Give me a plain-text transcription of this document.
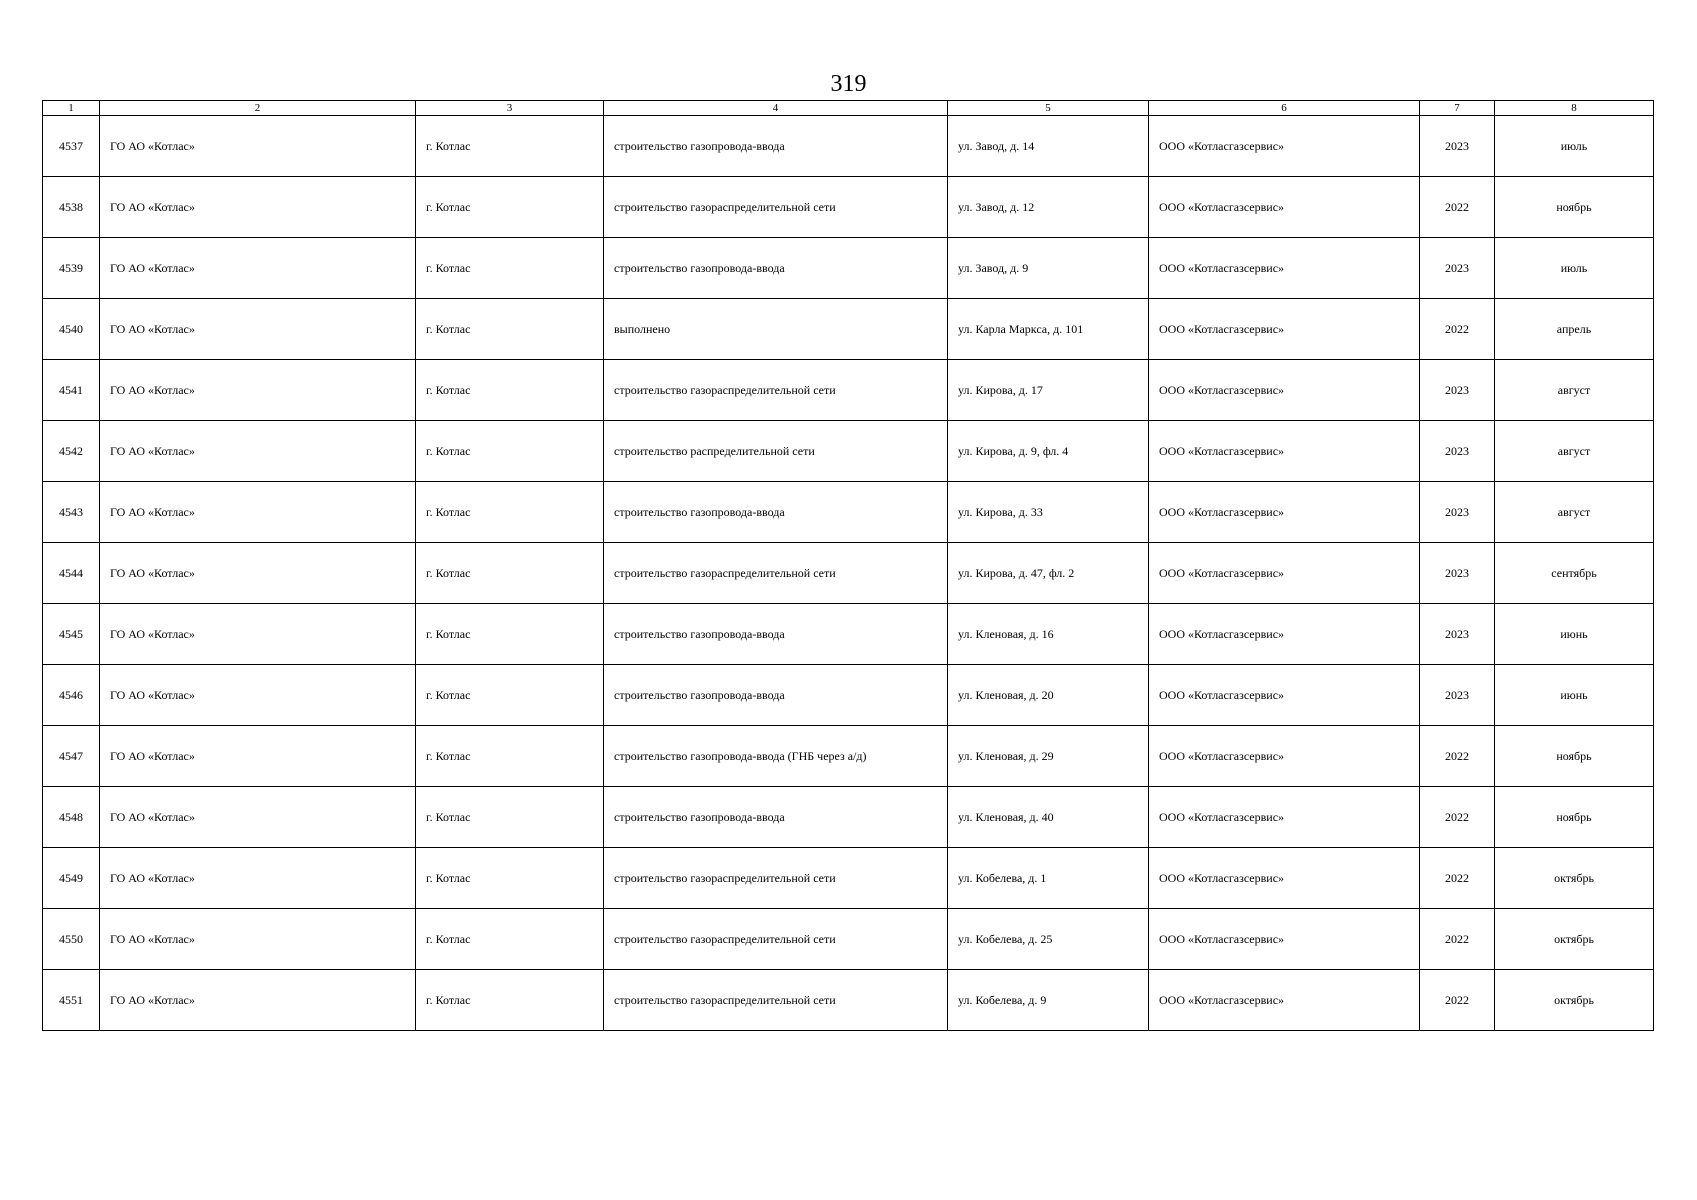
319
1	2	3	4	5	6	7	8
4537	ГО АО «Котлас»	г. Котлас	строительство газопровода-ввода	ул. Завод, д. 14	ООО «Котласгазсервис»	2023	июль
4538	ГО АО «Котлас»	г. Котлас	строительство газораспределительной сети	ул. Завод, д. 12	ООО «Котласгазсервис»	2022	ноябрь
4539	ГО АО «Котлас»	г. Котлас	строительство газопровода-ввода	ул. Завод, д. 9	ООО «Котласгазсервис»	2023	июль
4540	ГО АО «Котлас»	г. Котлас	выполнено	ул. Карла Маркса, д. 101	ООО «Котласгазсервис»	2022	апрель
4541	ГО АО «Котлас»	г. Котлас	строительство газораспределительной сети	ул. Кирова, д. 17	ООО «Котласгазсервис»	2023	август
4542	ГО АО «Котлас»	г. Котлас	строительство распределительной сети	ул. Кирова, д. 9, фл. 4	ООО «Котласгазсервис»	2023	август
4543	ГО АО «Котлас»	г. Котлас	строительство газопровода-ввода	ул. Кирова, д. 33	ООО «Котласгазсервис»	2023	август
4544	ГО АО «Котлас»	г. Котлас	строительство газораспределительной сети	ул. Кирова, д. 47, фл. 2	ООО «Котласгазсервис»	2023	сентябрь
4545	ГО АО «Котлас»	г. Котлас	строительство газопровода-ввода	ул. Кленовая, д. 16	ООО «Котласгазсервис»	2023	июнь
4546	ГО АО «Котлас»	г. Котлас	строительство газопровода-ввода	ул. Кленовая, д. 20	ООО «Котласгазсервис»	2023	июнь
4547	ГО АО «Котлас»	г. Котлас	строительство газопровода-ввода (ГНБ через а/д)	ул. Кленовая, д. 29	ООО «Котласгазсервис»	2022	ноябрь
4548	ГО АО «Котлас»	г. Котлас	строительство газопровода-ввода	ул. Кленовая, д. 40	ООО «Котласгазсервис»	2022	ноябрь
4549	ГО АО «Котлас»	г. Котлас	строительство газораспределительной сети	ул. Кобелева, д. 1	ООО «Котласгазсервис»	2022	октябрь
4550	ГО АО «Котлас»	г. Котлас	строительство газораспределительной сети	ул. Кобелева, д. 25	ООО «Котласгазсервис»	2022	октябрь
4551	ГО АО «Котлас»	г. Котлас	строительство газораспределительной сети	ул. Кобелева, д. 9	ООО «Котласгазсервис»	2022	октябрь
